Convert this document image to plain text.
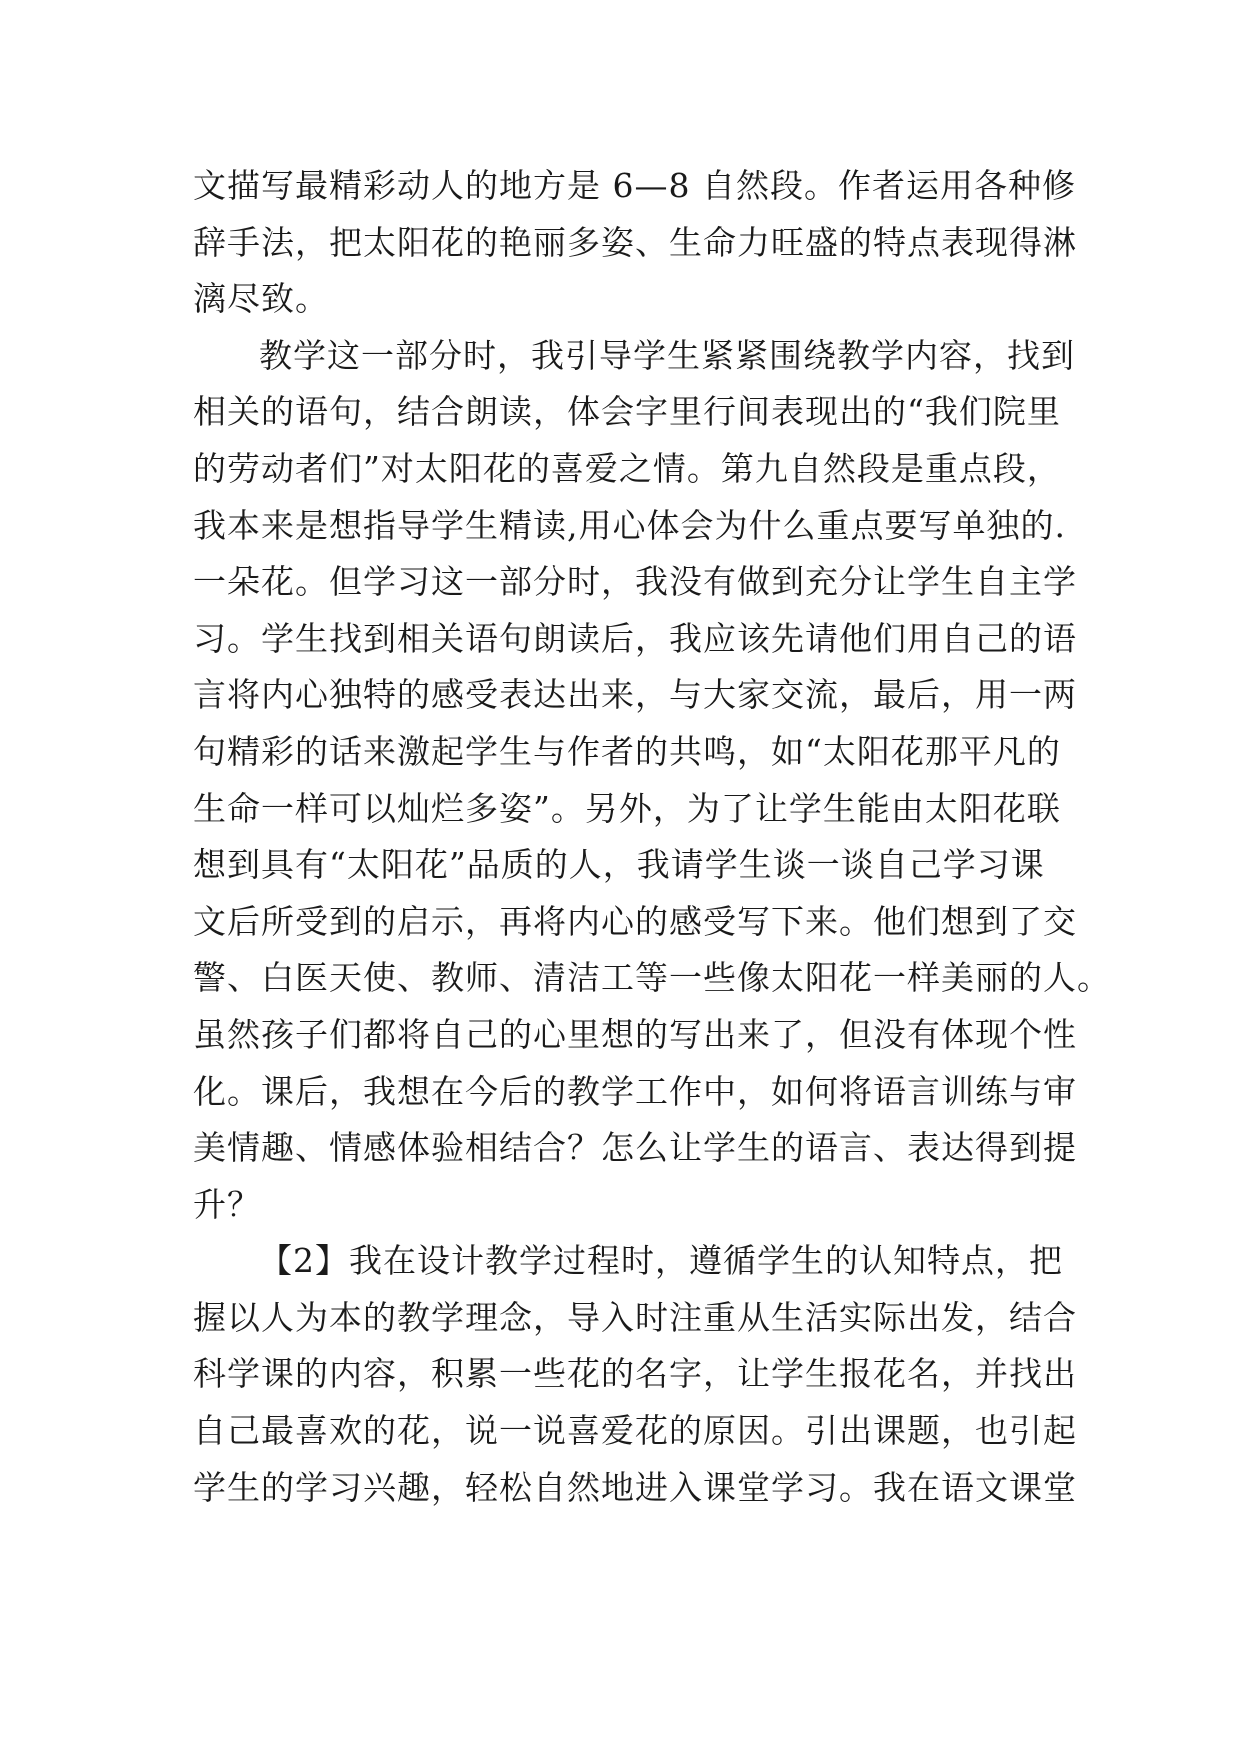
文描写最精彩动人的地方是 6—8 自然段。作者运用各种修
辞手法，把太阳花的艳丽多姿、生命力旺盛的特点表现得淋
漓尽致。
教学这一部分时，我引导学生紧紧围绕教学内容，找到
相关的语句，结合朗读，体会字里行间表现出的“我们院里
的劳动者们”对太阳花的喜爱之情。第九自然段是重点段，
我本来是想指导学生精读,用心体会为什么重点要写单独的.
一朵花。但学习这一部分时，我没有做到充分让学生自主学
习。学生找到相关语句朗读后，我应该先请他们用自己的语
言将内心独特的感受表达出来，与大家交流，最后，用一两
句精彩的话来激起学生与作者的共鸣，如“太阳花那平凡的
生命一样可以灿烂多姿”。另外，为了让学生能由太阳花联
想到具有“太阳花”品质的人，我请学生谈一谈自己学习课
文后所受到的启示，再将内心的感受写下来。他们想到了交
警、白医天使、教师、清洁工等一些像太阳花一样美丽的人。
虽然孩子们都将自己的心里想的写出来了，但没有体现个性
化。课后，我想在今后的教学工作中，如何将语言训练与审
美情趣、情感体验相结合？怎么让学生的语言、表达得到提
升？
【2】我在设计教学过程时，遵循学生的认知特点，把
握以人为本的教学理念，导入时注重从生活实际出发，结合
科学课的内容，积累一些花的名字，让学生报花名，并找出
自己最喜欢的花，说一说喜爱花的原因。引出课题，也引起
学生的学习兴趣，轻松自然地进入课堂学习。我在语文课堂
